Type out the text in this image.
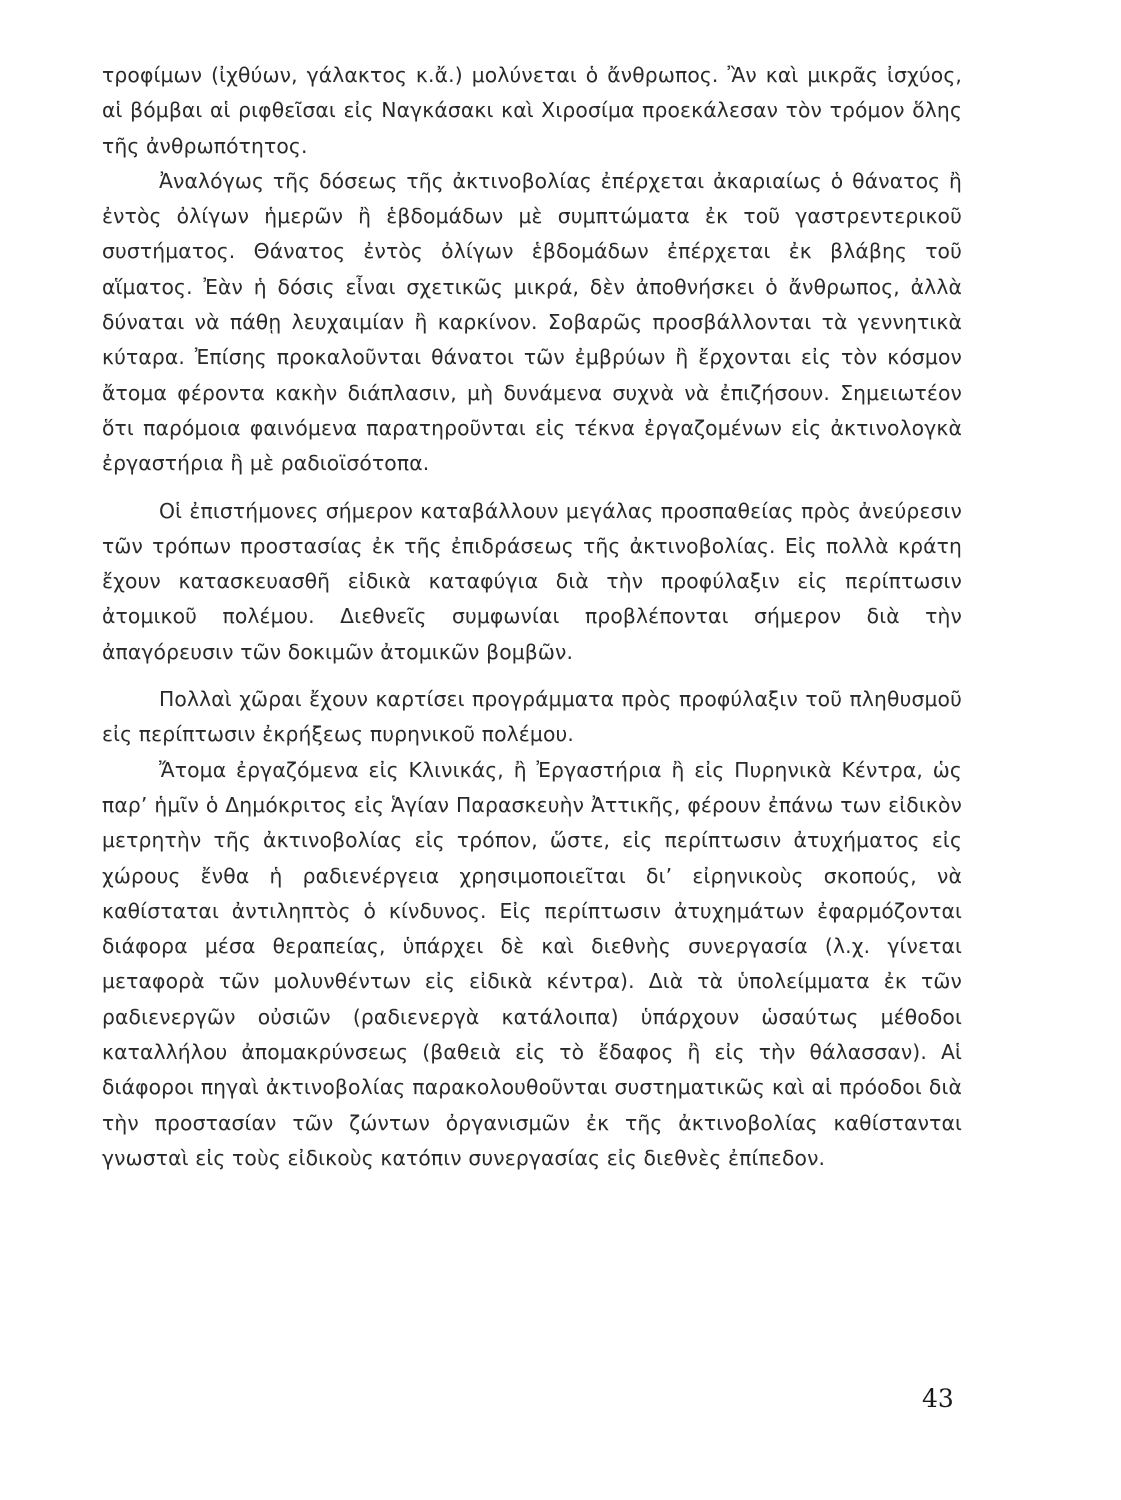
τροφίμων (ἰχθύων, γάλακτος κ.ἄ.) μολύνεται ὁ ἄνθρωπος. Ἂν καὶ μικρᾶς ἰσχύος, αἱ βόμβαι αἱ ριφθεῖσαι εἰς Ναγκάσακι καὶ Χιροσίμα προεκάλεσαν τὸν τρόμον ὅλης τῆς ἀνθρωπότητος.

Ἀναλόγως τῆς δόσεως τῆς ἀκτινοβολίας ἐπέρχεται ἀκαριαίως ὁ θάνατος ἢ ἐντὸς ὀλίγων ἡμερῶν ἢ ἑβδομάδων μὲ συμπτώματα ἐκ τοῦ γαστρεντερικοῦ συστήματος. Θάνατος ἐντὸς ὀλίγων ἑβδομάδων ἐπέρχεται ἐκ βλάβης τοῦ αἵματος. Ἐὰν ἡ δόσις εἶναι σχετικῶς μικρά, δὲν ἀποθνήσκει ὁ ἄνθρωπος, ἀλλὰ δύναται νὰ πάθῃ λευχαιμίαν ἢ καρκίνον. Σοβαρῶς προσβάλλονται τὰ γεννητικὰ κύταρα. Ἐπίσης προκαλοῦνται θάνατοι τῶν ἐμβρύων ἢ ἔρχονται εἰς τὸν κόσμον ἄτομα φέροντα κακὴν διάπλασιν, μὴ δυνάμενα συχνὰ νὰ ἐπιζήσουν. Σημειωτέον ὅτι παρόμοια φαινόμενα παρατηροῦνται εἰς τέκνα ἐργαζομένων εἰς ἀκτινολογκὰ ἐργαστήρια ἢ μὲ ραδιοϊσότοπα.

Οἱ ἐπιστήμονες σήμερον καταβάλλουν μεγάλας προσπαθείας πρὸς ἀνεύρεσιν τῶν τρόπων προστασίας ἐκ τῆς ἐπιδράσεως τῆς ἀκτινοβολίας. Εἰς πολλὰ κράτη ἔχουν κατασκευασθῆ εἰδικὰ καταφύγια διὰ τὴν προφύλαξιν εἰς περίπτωσιν ἀτομικοῦ πολέμου. Διεθνεῖς συμφωνίαι προβλέπονται σήμερον διὰ τὴν ἀπαγόρευσιν τῶν δοκιμῶν ἀτομικῶν βομβῶν.

Πολλαὶ χῶραι ἔχουν καρτίσει προγράμματα πρὸς προφύλαξιν τοῦ πληθυσμοῦ εἰς περίπτωσιν ἐκρήξεως πυρηνικοῦ πολέμου.

Ἄτομα ἐργαζόμενα εἰς Κλινικάς, ἢ Ἐργαστήρια ἢ εἰς Πυρηνικὰ Κέντρα, ὡς παρ’ ἡμῖν ὁ Δημόκριτος εἰς Ἁγίαν Παρασκευὴν Ἀττικῆς, φέρουν ἐπάνω των εἰδικὸν μετρητὴν τῆς ἀκτινοβολίας εἰς τρόπον, ὥστε, εἰς περίπτωσιν ἀτυχήματος εἰς χώρους ἔνθα ἡ ραδιενέργεια χρησιμοποιεῖται δι’ εἰρηνικοὺς σκοπούς, νὰ καθίσταται ἀντιληπτὸς ὁ κίνδυνος. Εἰς περίπτωσιν ἀτυχημάτων ἐφαρμόζονται διάφορα μέσα θεραπείας, ὑπάρχει δὲ καὶ διεθνὴς συνεργασία (λ.χ. γίνεται μεταφορὰ τῶν μολυνθέντων εἰς εἰδικὰ κέντρα). Διὰ τὰ ὑπολείμματα ἐκ τῶν ραδιενεργῶν οὐσιῶν (ραδιενεργὰ κατάλοιπα) ὑπάρχουν ὡσαύτως μέθοδοι καταλλήλου ἀπομακρύνσεως (βαθειὰ εἰς τὸ ἔδαφος ἢ εἰς τὴν θάλασσαν). Αἱ διάφοροι πηγαὶ ἀκτινοβολίας παρακολουθοῦνται συστηματικῶς καὶ αἱ πρόοδοι διὰ τὴν προστασίαν τῶν ζώντων ὀργανισμῶν ἐκ τῆς ἀκτινοβολίας καθίστανται γνωσταὶ εἰς τοὺς εἰδικοὺς κατόπιν συνεργασίας εἰς διεθνὲς ἐπίπεδον.

43
